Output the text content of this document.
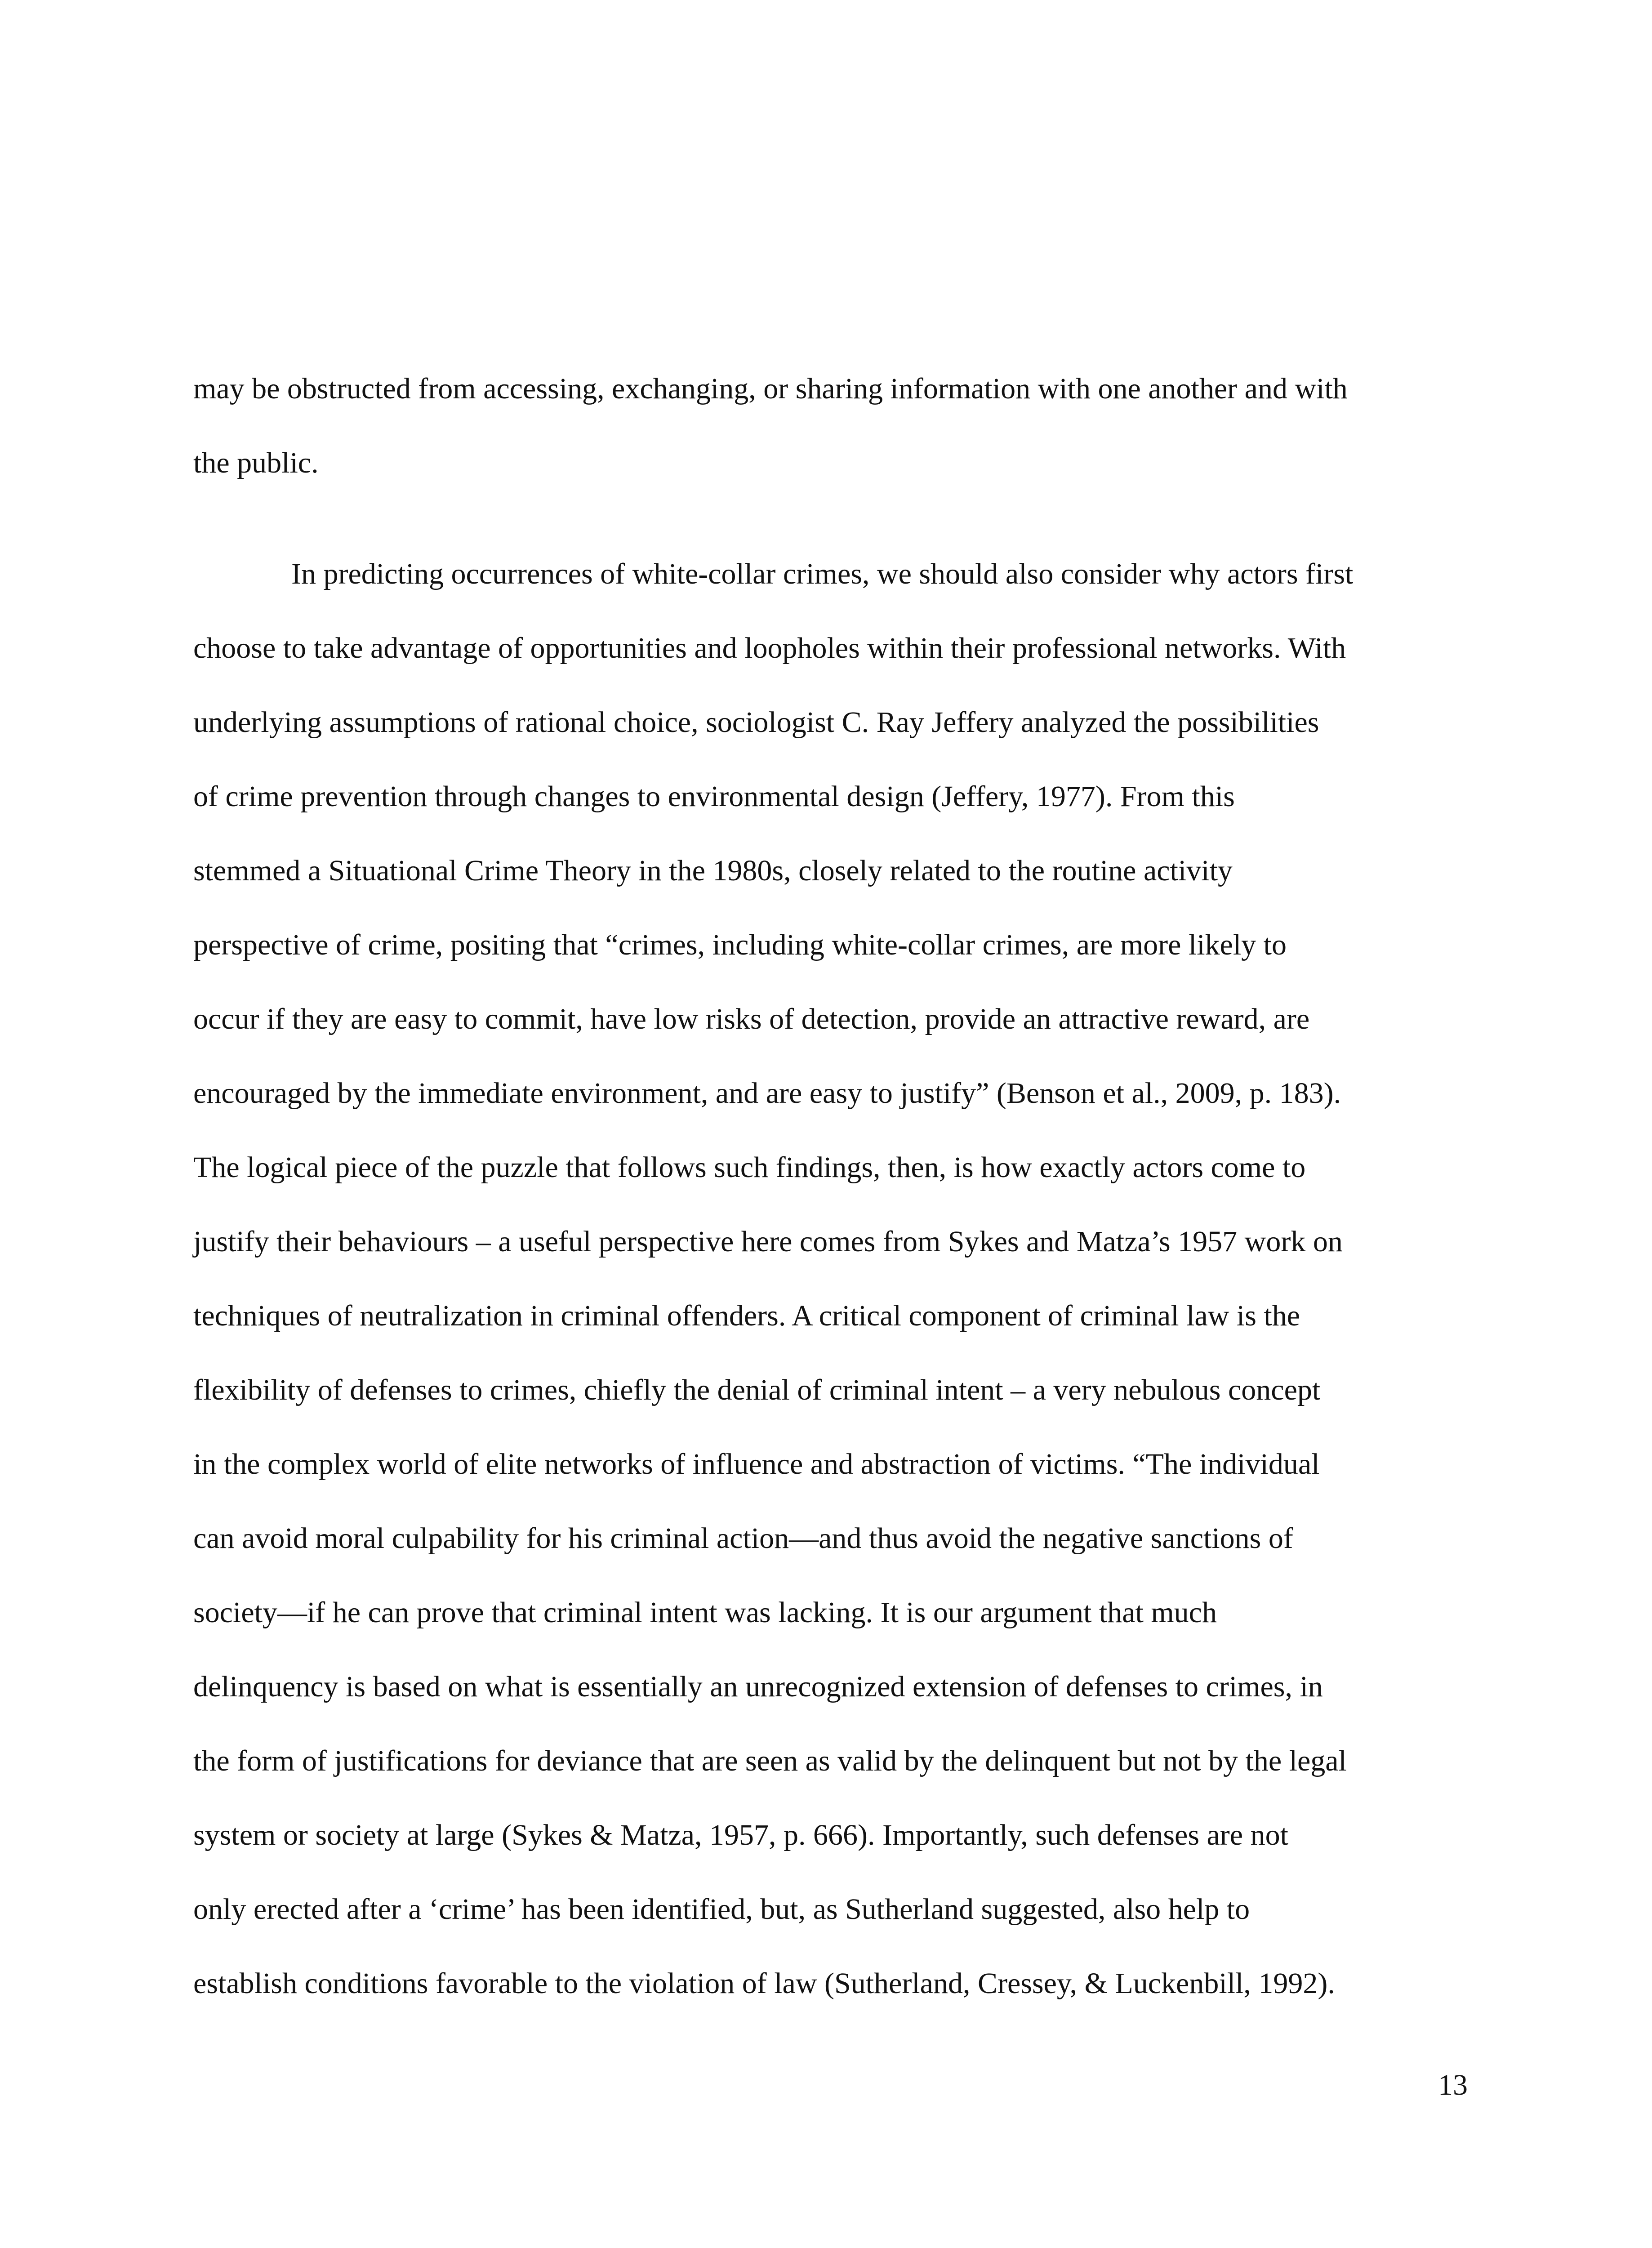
may be obstructed from accessing, exchanging, or sharing information with one another and with
the public.
In predicting occurrences of white-collar crimes, we should also consider why actors first
choose to take advantage of opportunities and loopholes within their professional networks. With
underlying assumptions of rational choice, sociologist C. Ray Jeffery analyzed the possibilities
of crime prevention through changes to environmental design (Jeffery, 1977). From this
stemmed a Situational Crime Theory in the 1980s, closely related to the routine activity
perspective of crime, positing that “crimes, including white-collar crimes, are more likely to
occur if they are easy to commit, have low risks of detection, provide an attractive reward, are
encouraged by the immediate environment, and are easy to justify” (Benson et al., 2009, p. 183).
The logical piece of the puzzle that follows such findings, then, is how exactly actors come to
justify their behaviours – a useful perspective here comes from Sykes and Matza’s 1957 work on
techniques of neutralization in criminal offenders. A critical component of criminal law is the
flexibility of defenses to crimes, chiefly the denial of criminal intent – a very nebulous concept
in the complex world of elite networks of influence and abstraction of victims. “The individual
can avoid moral culpability for his criminal action—and thus avoid the negative sanctions of
society—if he can prove that criminal intent was lacking. It is our argument that much
delinquency is based on what is essentially an unrecognized extension of defenses to crimes, in
the form of justifications for deviance that are seen as valid by the delinquent but not by the legal
system or society at large (Sykes & Matza, 1957, p. 666). Importantly, such defenses are not
only erected after a ‘crime’ has been identified, but, as Sutherland suggested, also help to
establish conditions favorable to the violation of law (Sutherland, Cressey, & Luckenbill, 1992).
13
